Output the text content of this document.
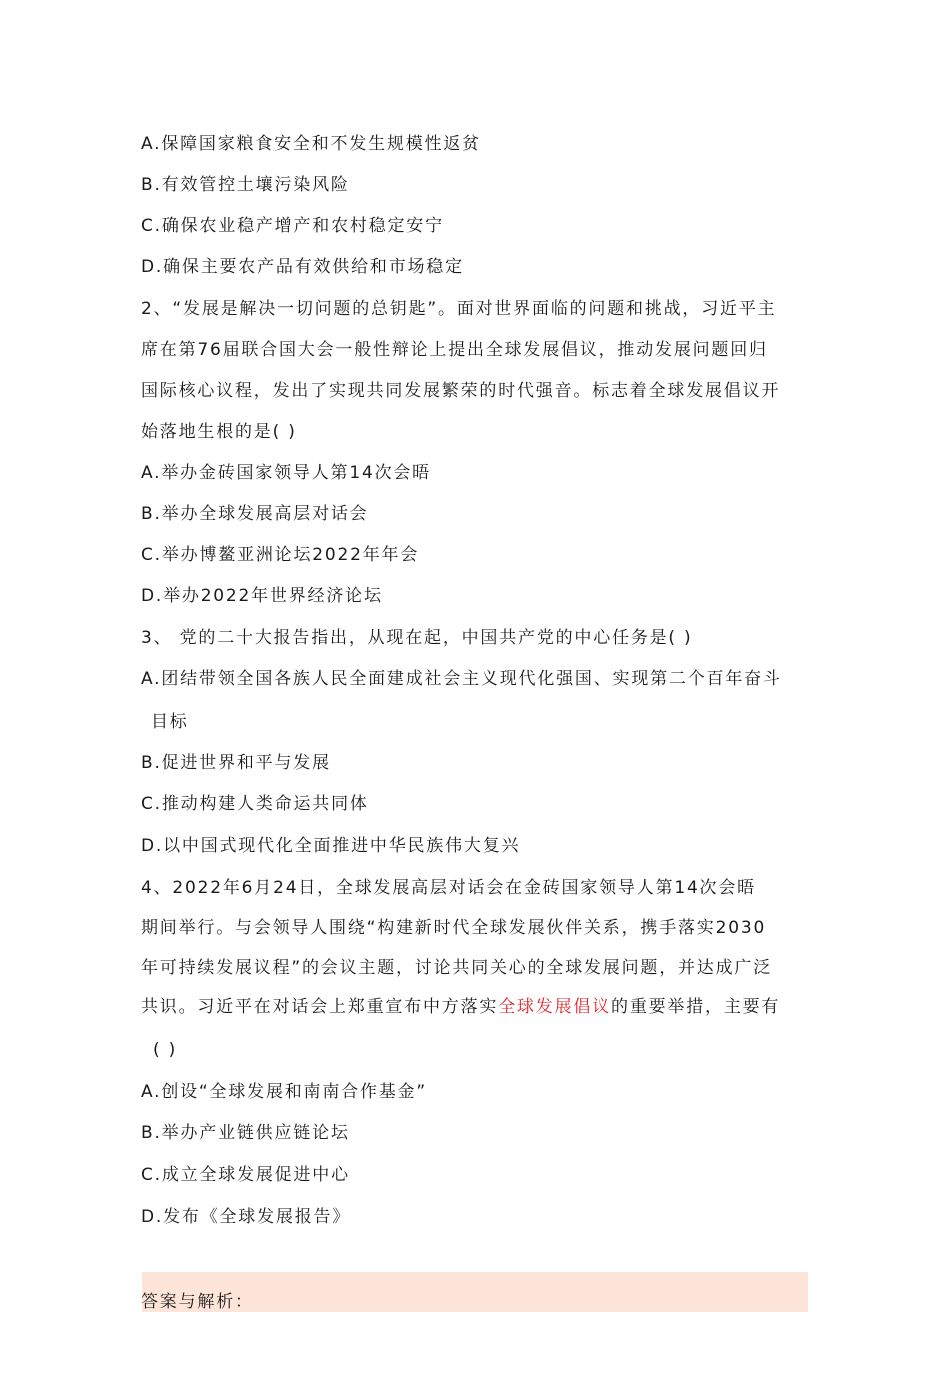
A.保障国家粮食安全和不发生规模性返贫
B.有效管控土壤污染风险
C.确保农业稳产增产和农村稳定安宁
D.确保主要农产品有效供给和市场稳定
2、“发展是解决一切问题的总钥匙”。面对世界面临的问题和挑战，习近平主
席在第76届联合国大会一般性辩论上提出全球发展倡议，推动发展问题回归
国际核心议程，发出了实现共同发展繁荣的时代强音。标志着全球发展倡议开
始落地生根的是( )
A.举办金砖国家领导人第14次会晤
B.举办全球发展高层对话会
C.举办博鳌亚洲论坛2022年年会
D.举办2022年世界经济论坛
3、 党的二十大报告指出，从现在起，中国共产党的中心任务是( )
A.团结带领全国各族人民全面建成社会主义现代化强国、实现第二个百年奋斗
目标
B.促进世界和平与发展
C.推动构建人类命运共同体
D.以中国式现代化全面推进中华民族伟大复兴
4、2022年6月24日，全球发展高层对话会在金砖国家领导人第14次会晤
期间举行。与会领导人围绕“构建新时代全球发展伙伴关系，携手落实2030
年可持续发展议程”的会议主题，讨论共同关心的全球发展问题，并达成广泛
共识。习近平在对话会上郑重宣布中方落实全球发展倡议的重要举措，主要有
( )
A.创设“全球发展和南南合作基金”
B.举办产业链供应链论坛
C.成立全球发展促进中心
D.发布《全球发展报告》
答案与解析：
